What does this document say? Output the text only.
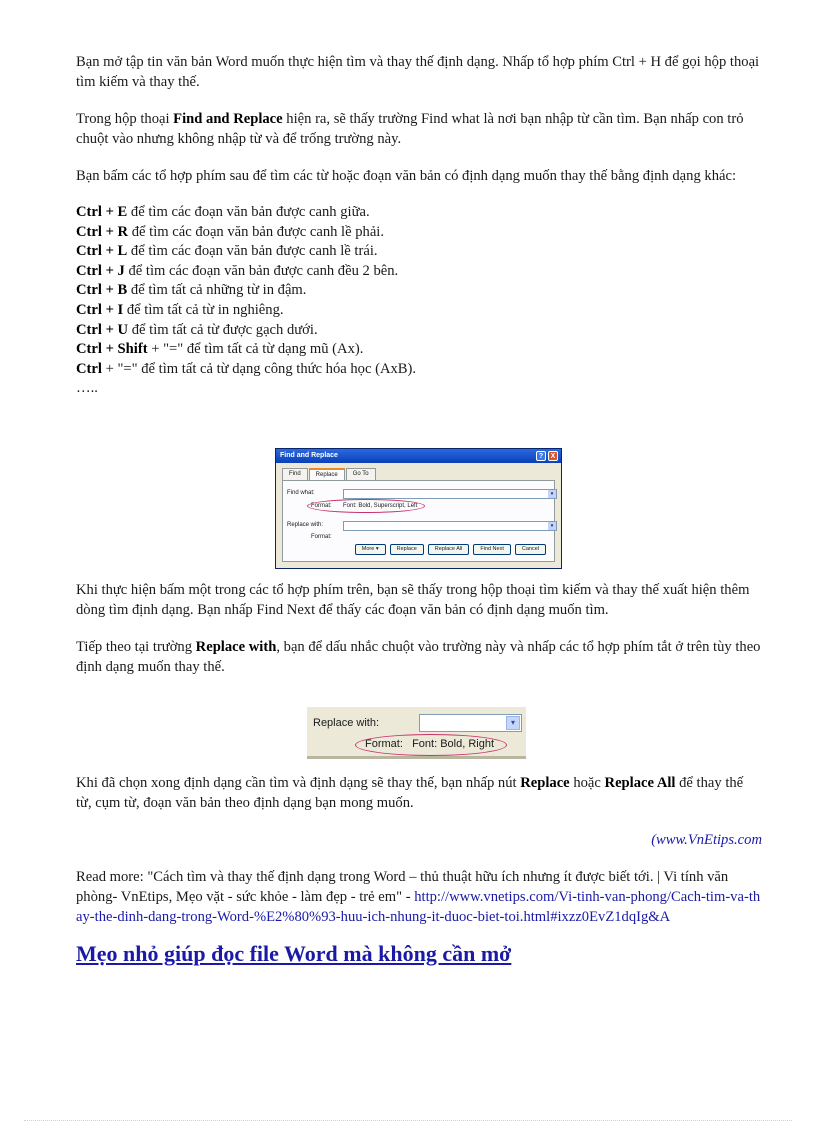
Bạn mở tập tin văn bản Word muốn thực hiện tìm và thay thế định dạng. Nhấp tổ hợp phím Ctrl + H để gọi hộp thoại tìm kiếm và thay thế.

Trong hộp thoại Find and Replace hiện ra, sẽ thấy trường Find what là nơi bạn nhập từ cần tìm. Bạn nhấp con trỏ chuột vào nhưng không nhập từ và để trống trường này.

Bạn bấm các tổ hợp phím sau để tìm các từ hoặc đoạn văn bản có định dạng muốn thay thế bằng định dạng khác:

Ctrl + E để tìm các đoạn văn bản được canh giữa.
Ctrl + R để tìm các đoạn văn bản được canh lề phải.
Ctrl + L để tìm các đoạn văn bản được canh lề trái.
Ctrl + J để tìm các đoạn văn bản được canh đều 2 bên.
Ctrl + B để tìm tất cả những từ in đậm.
Ctrl + I để tìm tất cả từ in nghiêng.
Ctrl + U để tìm tất cả từ được gạch dưới.
Ctrl + Shift + "=" để tìm tất cả từ dạng mũ (Ax).
Ctrl + "=" để tìm tất cả từ dạng công thức hóa học (AxB).
…..

Khi thực hiện bấm một trong các tổ hợp phím trên, bạn sẽ thấy trong hộp thoại tìm kiếm và thay thế xuất hiện thêm dòng tìm định dạng. Bạn nhấp Find Next để thấy các đoạn văn bản có định dạng muốn tìm.

Tiếp theo tại trường Replace with, bạn để dấu nhắc chuột vào trường này và nhấp các tổ hợp phím tắt ở trên tùy theo định dạng muốn thay thế.

Khi đã chọn xong định dạng cần tìm và định dạng sẽ thay thế, bạn nhấp nút Replace hoặc Replace All để thay thế từ, cụm từ, đoạn văn bản theo định dạng bạn mong muốn.

(www.VnEtips.com

Read more: "Cách tìm và thay thế định dạng trong Word – thủ thuật hữu ích nhưng ít được biết tới. | Vi tính văn phòng- VnEtips, Mẹo vặt - sức khỏe - làm đẹp - trẻ em" - http://www.vnetips.com/Vi-tinh-van-phong/Cach-tim-va-thay-the-dinh-dang-trong-Word-%E2%80%93-huu-ich-nhung-it-duoc-biet-toi.html#ixzz0EvZ1dqIg&A

Mẹo nhỏ giúp đọc file Word mà không cần mở
Find and Replace	?	X
Find	Replace	Go To
Find what:	▾
Format: Font: Bold, Superscript, Left
Replace with:	▾
Format:
More ▾	Replace	Replace All	Find Next	Cancel
Replace with:	▾
Format: Font: Bold, Right
